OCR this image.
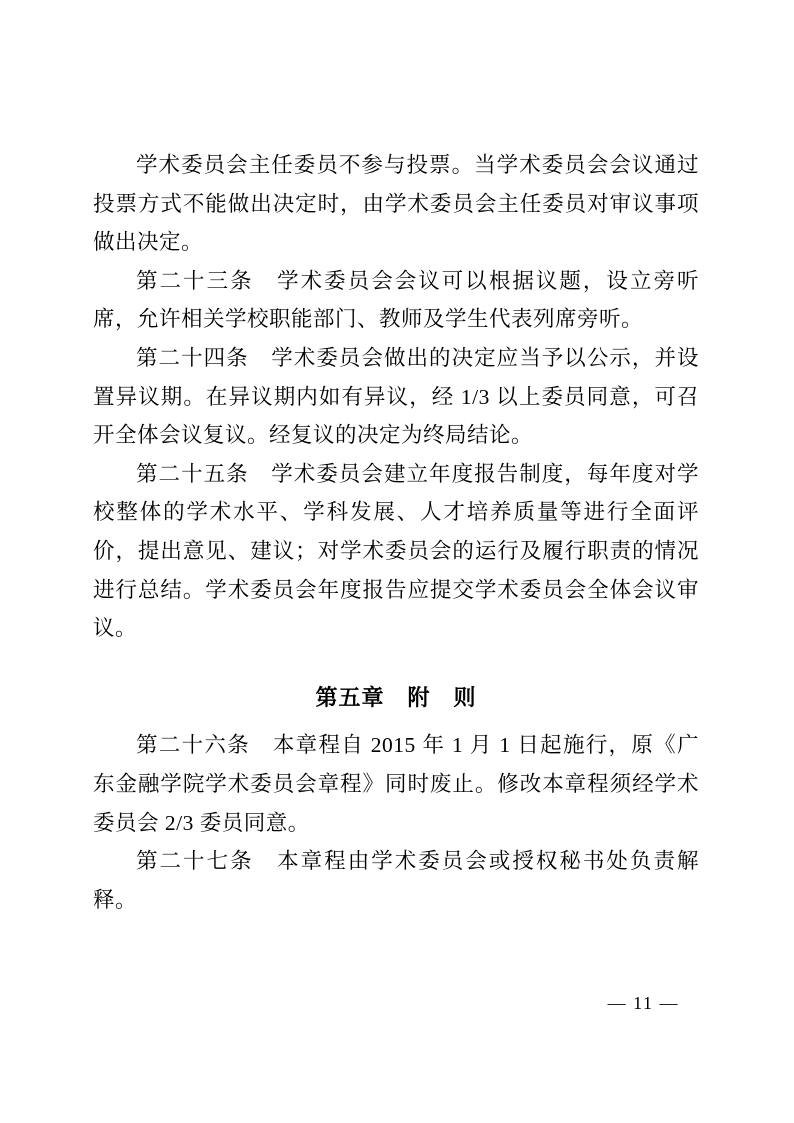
学术委员会主任委员不参与投票。当学术委员会会议通过投票方式不能做出决定时，由学术委员会主任委员对审议事项做出决定。

第二十三条　学术委员会会议可以根据议题，设立旁听席，允许相关学校职能部门、教师及学生代表列席旁听。

第二十四条　学术委员会做出的决定应当予以公示，并设置异议期。在异议期内如有异议，经 1/3 以上委员同意，可召开全体会议复议。经复议的决定为终局结论。

第二十五条　学术委员会建立年度报告制度，每年度对学校整体的学术水平、学科发展、人才培养质量等进行全面评价，提出意见、建议；对学术委员会的运行及履行职责的情况进行总结。学术委员会年度报告应提交学术委员会全体会议审议。

第五章　附　则

第二十六条　本章程自 2015 年 1 月 1 日起施行，原《广东金融学院学术委员会章程》同时废止。修改本章程须经学术委员会 2/3 委员同意。

第二十七条　本章程由学术委员会或授权秘书处负责解释。

— 11 —
